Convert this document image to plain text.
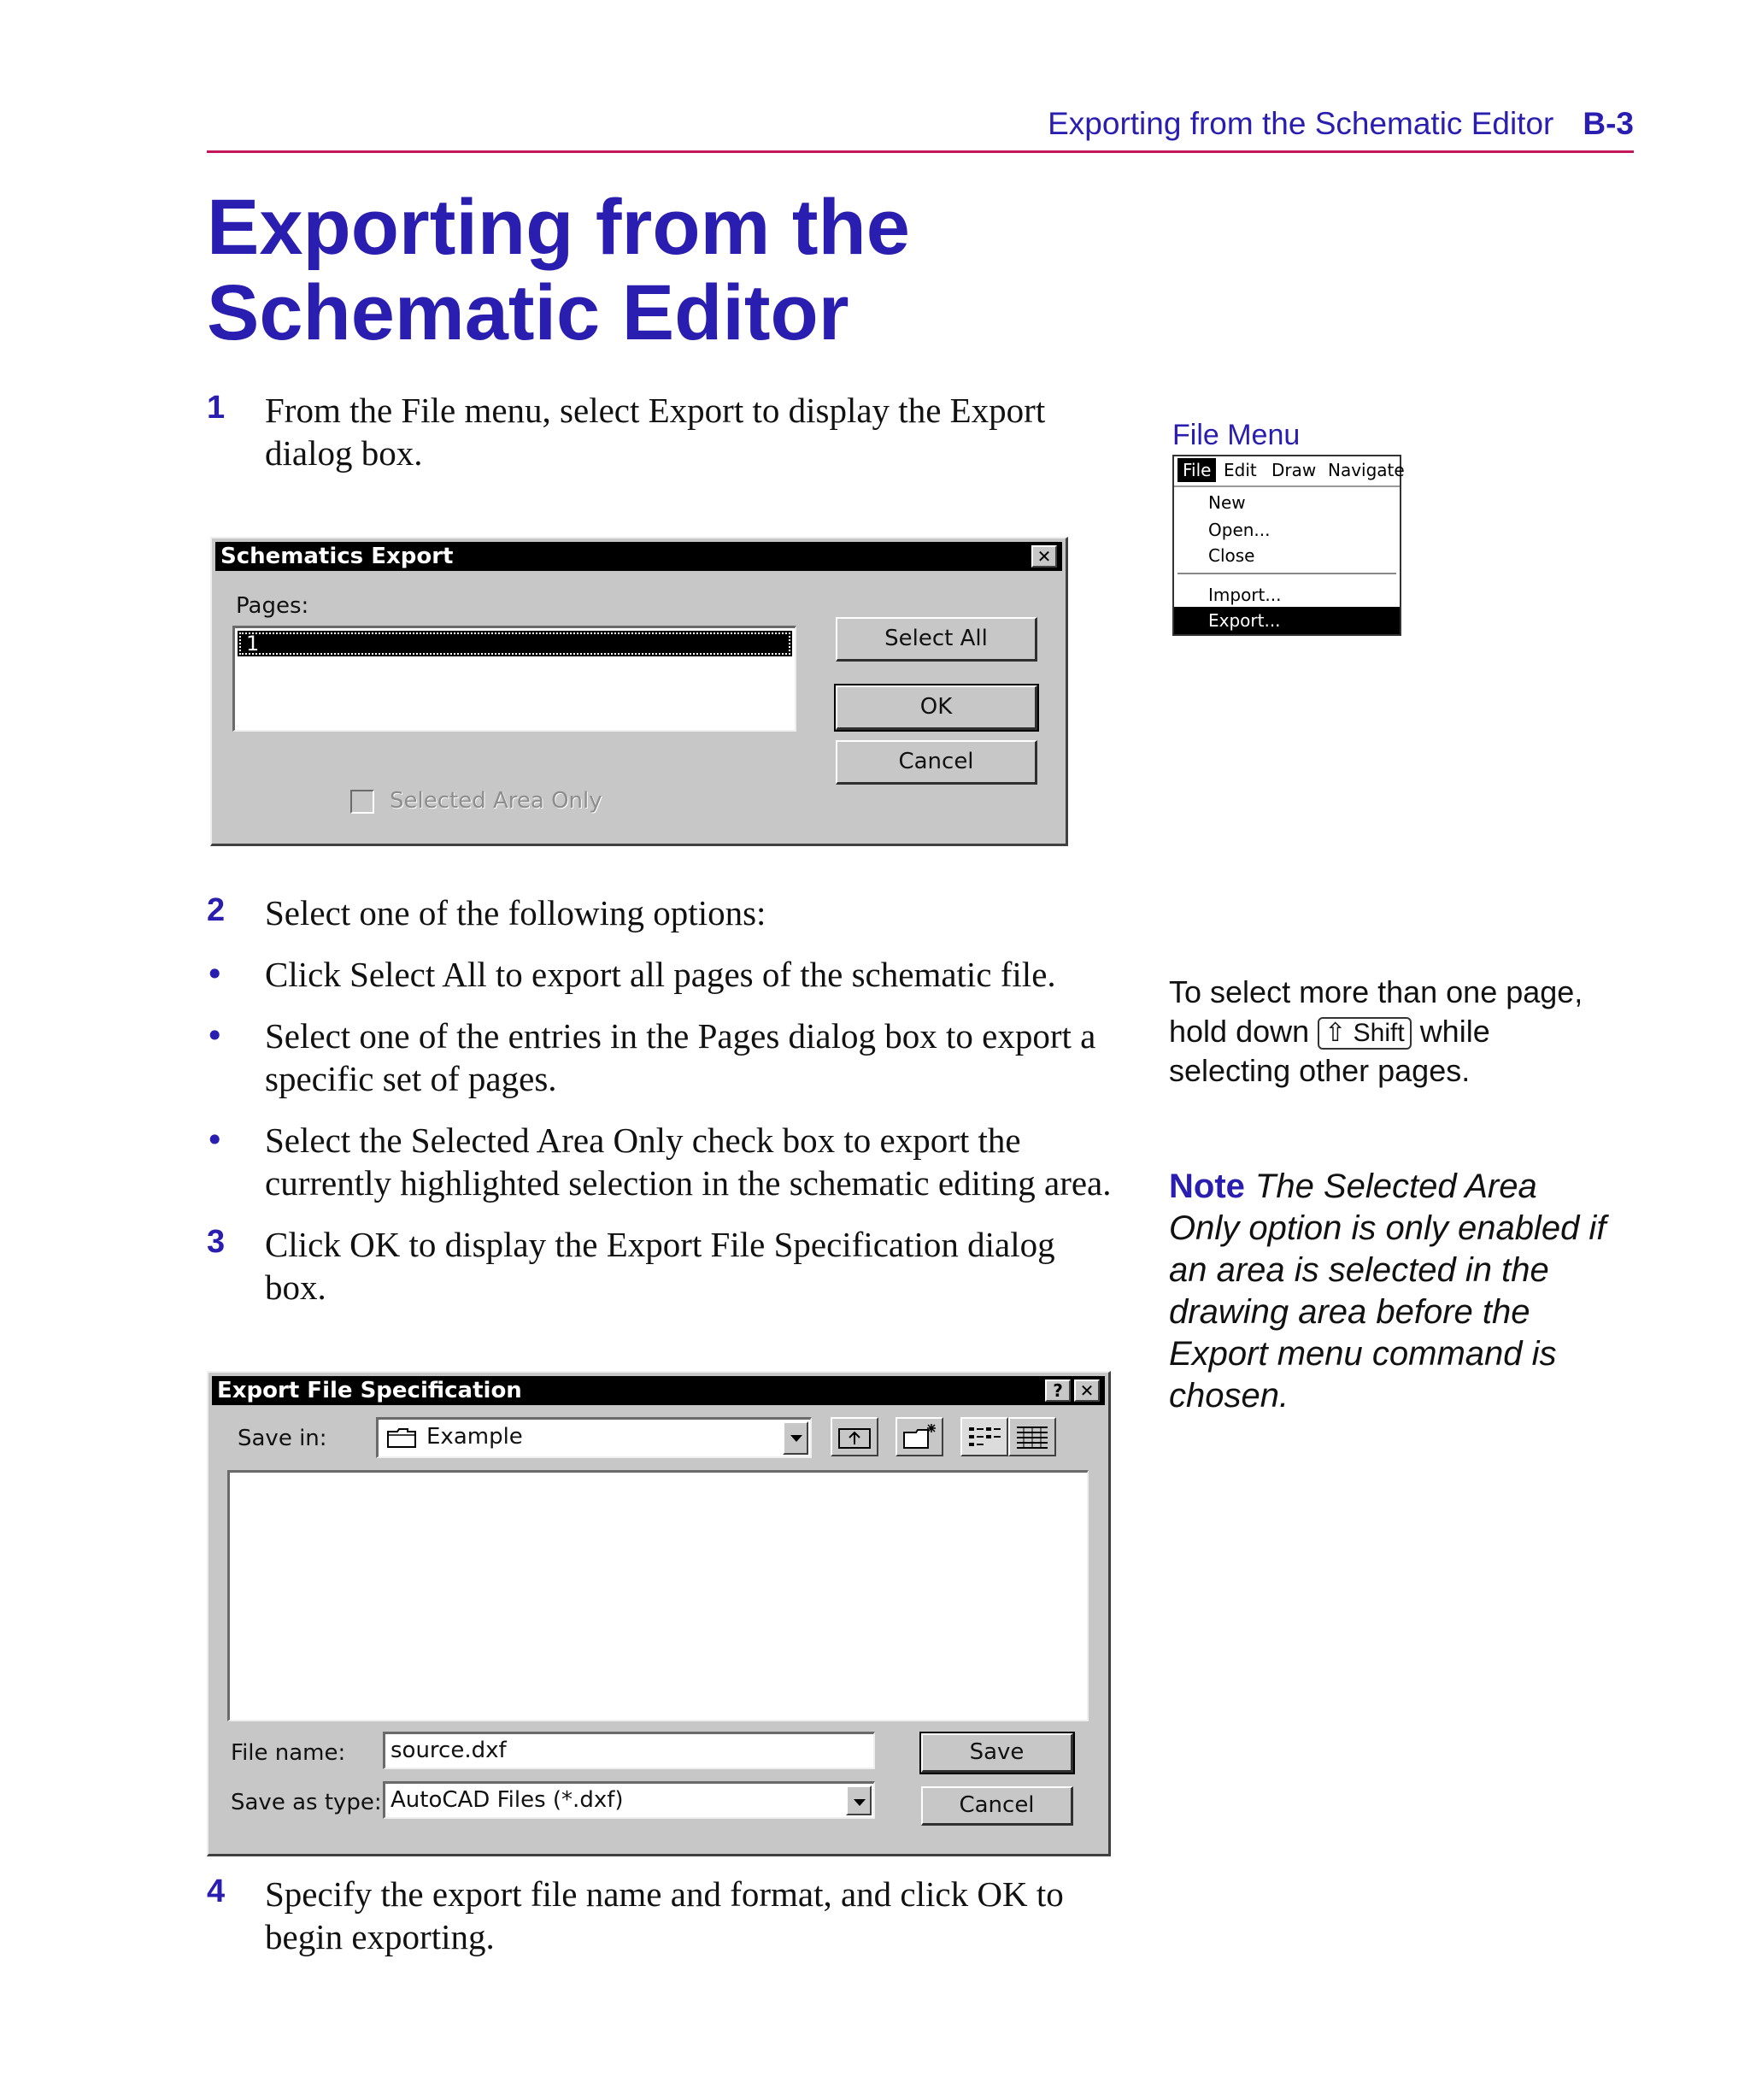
Exporting from the Schematic Editor B-3
Exporting from the
Schematic Editor
1 From the File menu, select Export to display the Export
dialog box.
Schematics Export	✕
Pages:
1	Select All
OK
Cancel
Selected Area Only
File Menu
File Edit Draw Navigate
New
Open...
Close
Import...
Export...
2 Select one of the following options:
• Click Select All to export all pages of the schematic file.
• Select one of the entries in the Pages dialog box to export a
specific set of pages.
• Select the Selected Area Only check box to export the
currently highlighted selection in the schematic editing area.
To select more than one page,
hold down ⇧ Shift while
selecting other pages.
Note The Selected Area
Only option is only enabled if
an area is selected in the
drawing area before the
Export menu command is
chosen.
3 Click OK to display the Export File Specification dialog
box.
Export File Specification	? ✕
Save in:	Example
File name: source.dxf
Save as type: AutoCAD Files (*.dxf)
Save
Cancel
4 Specify the export file name and format, and click OK to
begin exporting.
